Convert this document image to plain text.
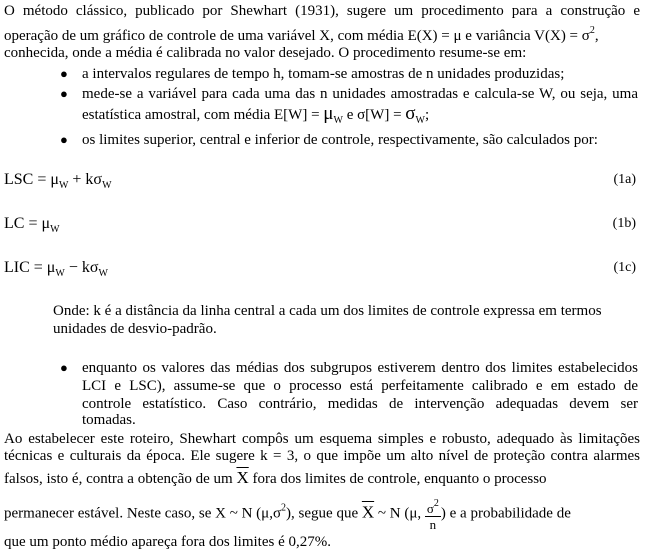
O método clássico, publicado por Shewhart (1931), sugere um procedimento para a construção e
operação de um gráfico de controle de uma variável X, com média E(X) = μ e variância $V(X) = \sigma^2$,
conhecida, onde a média é calibrada no valor desejado. O procedimento resume-se em:
● a intervalos regulares de tempo h, tomam-se amostras de n unidades produzidas;
● mede-se a variável para cada uma das n unidades amostradas e calcula-se W, ou seja, uma
estatística amostral, com média $E[W] = \mu_W$ e $\sigma[W] = \sigma_W$;
● os limites superior, central e inferior de controle, respectivamente, são calculados por:
LSC = $\mu_W + k\sigma_W$	(1a)
LC = $\mu_W$	(1b)
LIC = $\mu_W - k\sigma_W$	(1c)
Onde: k é a distância da linha central a cada um dos limites de controle expressa em termos
unidades de desvio-padrão.
● enquanto os valores das médias dos subgrupos estiverem dentro dos limites estabelecidos
LCI e LSC), assume-se que o processo está perfeitamente calibrado e em estado de
controle estatístico. Caso contrário, medidas de intervenção adequadas devem ser
tomadas.
Ao estabelecer este roteiro, Shewhart compôs um esquema simples e robusto, adequado às limitações
técnicas e culturais da época. Ele sugere k = 3, o que impõe um alto nível de proteção contra alarmes
falsos, isto é, contra a obtenção de um $\overline{X}$ fora dos limites de controle, enquanto o processo
permanecer estável. Neste caso, se X ~ N $(\mu,\sigma^2)$, segue que $\overline{X}$ ~ N (μ, $\frac{\sigma^2}{n}$ ) e a probabilidade de
que um ponto médio apareça fora dos limites é 0,27%.
